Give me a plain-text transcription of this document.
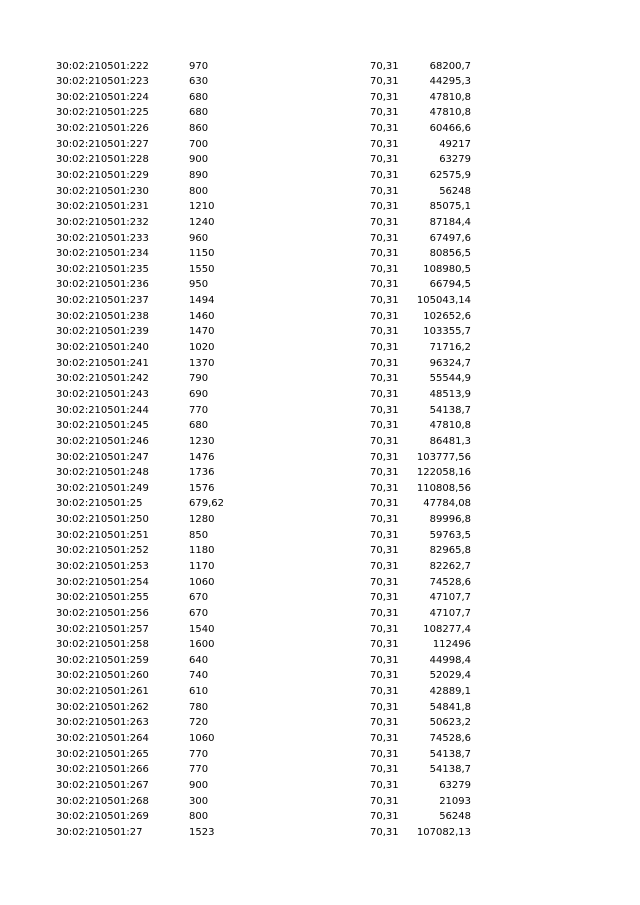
30:02:210501:222	970	70,31	68200,7
30:02:210501:223	630	70,31	44295,3
30:02:210501:224	680	70,31	47810,8
30:02:210501:225	680	70,31	47810,8
30:02:210501:226	860	70,31	60466,6
30:02:210501:227	700	70,31	49217
30:02:210501:228	900	70,31	63279
30:02:210501:229	890	70,31	62575,9
30:02:210501:230	800	70,31	56248
30:02:210501:231	1210	70,31	85075,1
30:02:210501:232	1240	70,31	87184,4
30:02:210501:233	960	70,31	67497,6
30:02:210501:234	1150	70,31	80856,5
30:02:210501:235	1550	70,31	108980,5
30:02:210501:236	950	70,31	66794,5
30:02:210501:237	1494	70,31	105043,14
30:02:210501:238	1460	70,31	102652,6
30:02:210501:239	1470	70,31	103355,7
30:02:210501:240	1020	70,31	71716,2
30:02:210501:241	1370	70,31	96324,7
30:02:210501:242	790	70,31	55544,9
30:02:210501:243	690	70,31	48513,9
30:02:210501:244	770	70,31	54138,7
30:02:210501:245	680	70,31	47810,8
30:02:210501:246	1230	70,31	86481,3
30:02:210501:247	1476	70,31	103777,56
30:02:210501:248	1736	70,31	122058,16
30:02:210501:249	1576	70,31	110808,56
30:02:210501:25	679,62	70,31	47784,08
30:02:210501:250	1280	70,31	89996,8
30:02:210501:251	850	70,31	59763,5
30:02:210501:252	1180	70,31	82965,8
30:02:210501:253	1170	70,31	82262,7
30:02:210501:254	1060	70,31	74528,6
30:02:210501:255	670	70,31	47107,7
30:02:210501:256	670	70,31	47107,7
30:02:210501:257	1540	70,31	108277,4
30:02:210501:258	1600	70,31	112496
30:02:210501:259	640	70,31	44998,4
30:02:210501:260	740	70,31	52029,4
30:02:210501:261	610	70,31	42889,1
30:02:210501:262	780	70,31	54841,8
30:02:210501:263	720	70,31	50623,2
30:02:210501:264	1060	70,31	74528,6
30:02:210501:265	770	70,31	54138,7
30:02:210501:266	770	70,31	54138,7
30:02:210501:267	900	70,31	63279
30:02:210501:268	300	70,31	21093
30:02:210501:269	800	70,31	56248
30:02:210501:27	1523	70,31	107082,13
